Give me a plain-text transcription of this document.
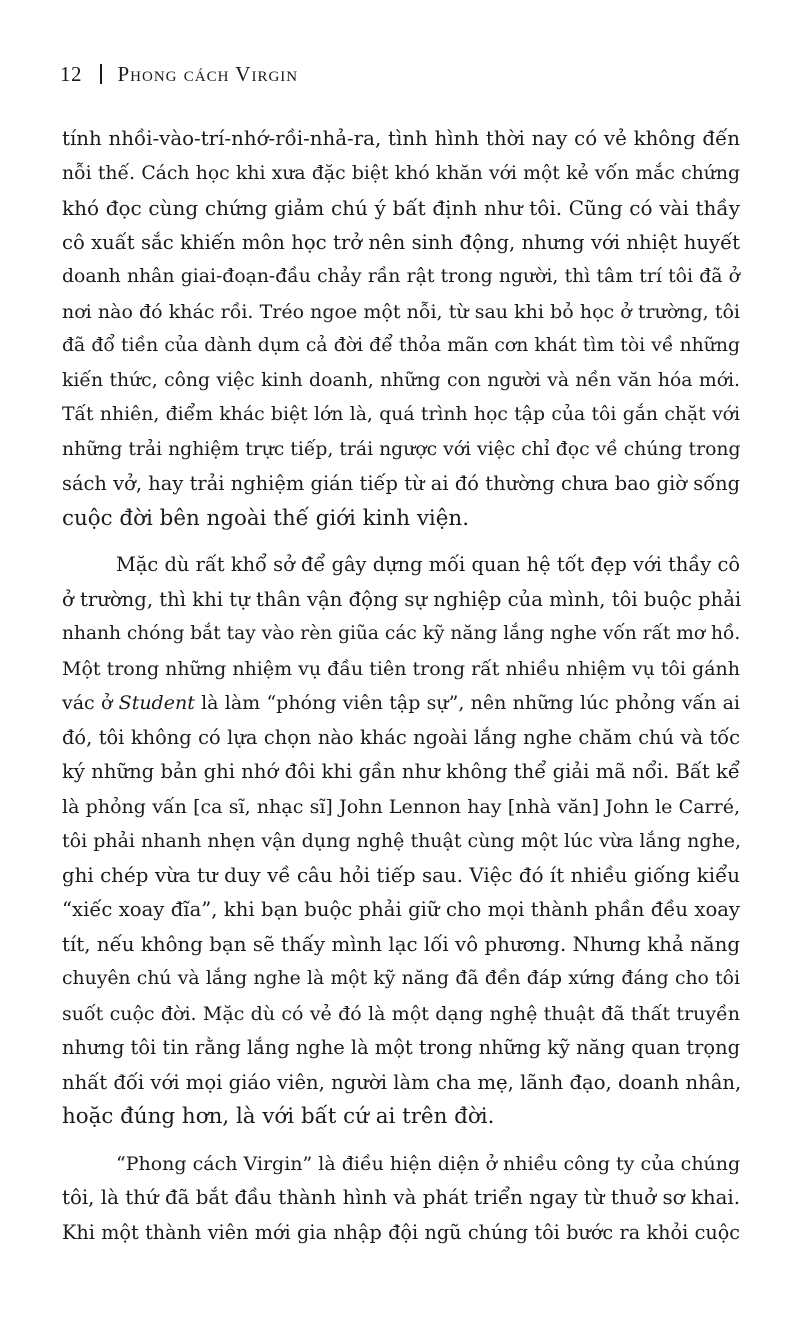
12 Phong cách Virgin
tính nhồi-vào-trí-nhớ-rồi-nhả-ra, tình hình thời nay có vẻ không đến
nỗi thế. Cách học khi xưa đặc biệt khó khăn với một kẻ vốn mắc chứng
khó đọc cùng chứng giảm chú ý bất định như tôi. Cũng có vài thầy
cô xuất sắc khiến môn học trở nên sinh động, nhưng với nhiệt huyết
doanh nhân giai-đoạn-đầu chảy rần rật trong người, thì tâm trí tôi đã ở
nơi nào đó khác rồi. Tréo ngoe một nỗi, từ sau khi bỏ học ở trường, tôi
đã đổ tiền của dành dụm cả đời để thỏa mãn cơn khát tìm tòi về những
kiến thức, công việc kinh doanh, những con người và nền văn hóa mới.
Tất nhiên, điểm khác biệt lớn là, quá trình học tập của tôi gắn chặt với
những trải nghiệm trực tiếp, trái ngược với việc chỉ đọc về chúng trong
sách vở, hay trải nghiệm gián tiếp từ ai đó thường chưa bao giờ sống
cuộc đời bên ngoài thế giới kinh viện.
Mặc dù rất khổ sở để gây dựng mối quan hệ tốt đẹp với thầy cô
ở trường, thì khi tự thân vận động sự nghiệp của mình, tôi buộc phải
nhanh chóng bắt tay vào rèn giũa các kỹ năng lắng nghe vốn rất mơ hồ.
Một trong những nhiệm vụ đầu tiên trong rất nhiều nhiệm vụ tôi gánh
vác ở Student là làm “phóng viên tập sự”, nên những lúc phỏng vấn ai
đó, tôi không có lựa chọn nào khác ngoài lắng nghe chăm chú và tốc
ký những bản ghi nhớ đôi khi gần như không thể giải mã nổi. Bất kể
là phỏng vấn [ca sĩ, nhạc sĩ] John Lennon hay [nhà văn] John le Carré,
tôi phải nhanh nhẹn vận dụng nghệ thuật cùng một lúc vừa lắng nghe,
ghi chép vừa tư duy về câu hỏi tiếp sau. Việc đó ít nhiều giống kiểu
“xiếc xoay đĩa”, khi bạn buộc phải giữ cho mọi thành phần đều xoay
tít, nếu không bạn sẽ thấy mình lạc lối vô phương. Nhưng khả năng
chuyên chú và lắng nghe là một kỹ năng đã đền đáp xứng đáng cho tôi
suốt cuộc đời. Mặc dù có vẻ đó là một dạng nghệ thuật đã thất truyền
nhưng tôi tin rằng lắng nghe là một trong những kỹ năng quan trọng
nhất đối với mọi giáo viên, người làm cha mẹ, lãnh đạo, doanh nhân,
hoặc đúng hơn, là với bất cứ ai trên đời.
“Phong cách Virgin” là điều hiện diện ở nhiều công ty của chúng
tôi, là thứ đã bắt đầu thành hình và phát triển ngay từ thuở sơ khai.
Khi một thành viên mới gia nhập đội ngũ chúng tôi bước ra khỏi cuộc
